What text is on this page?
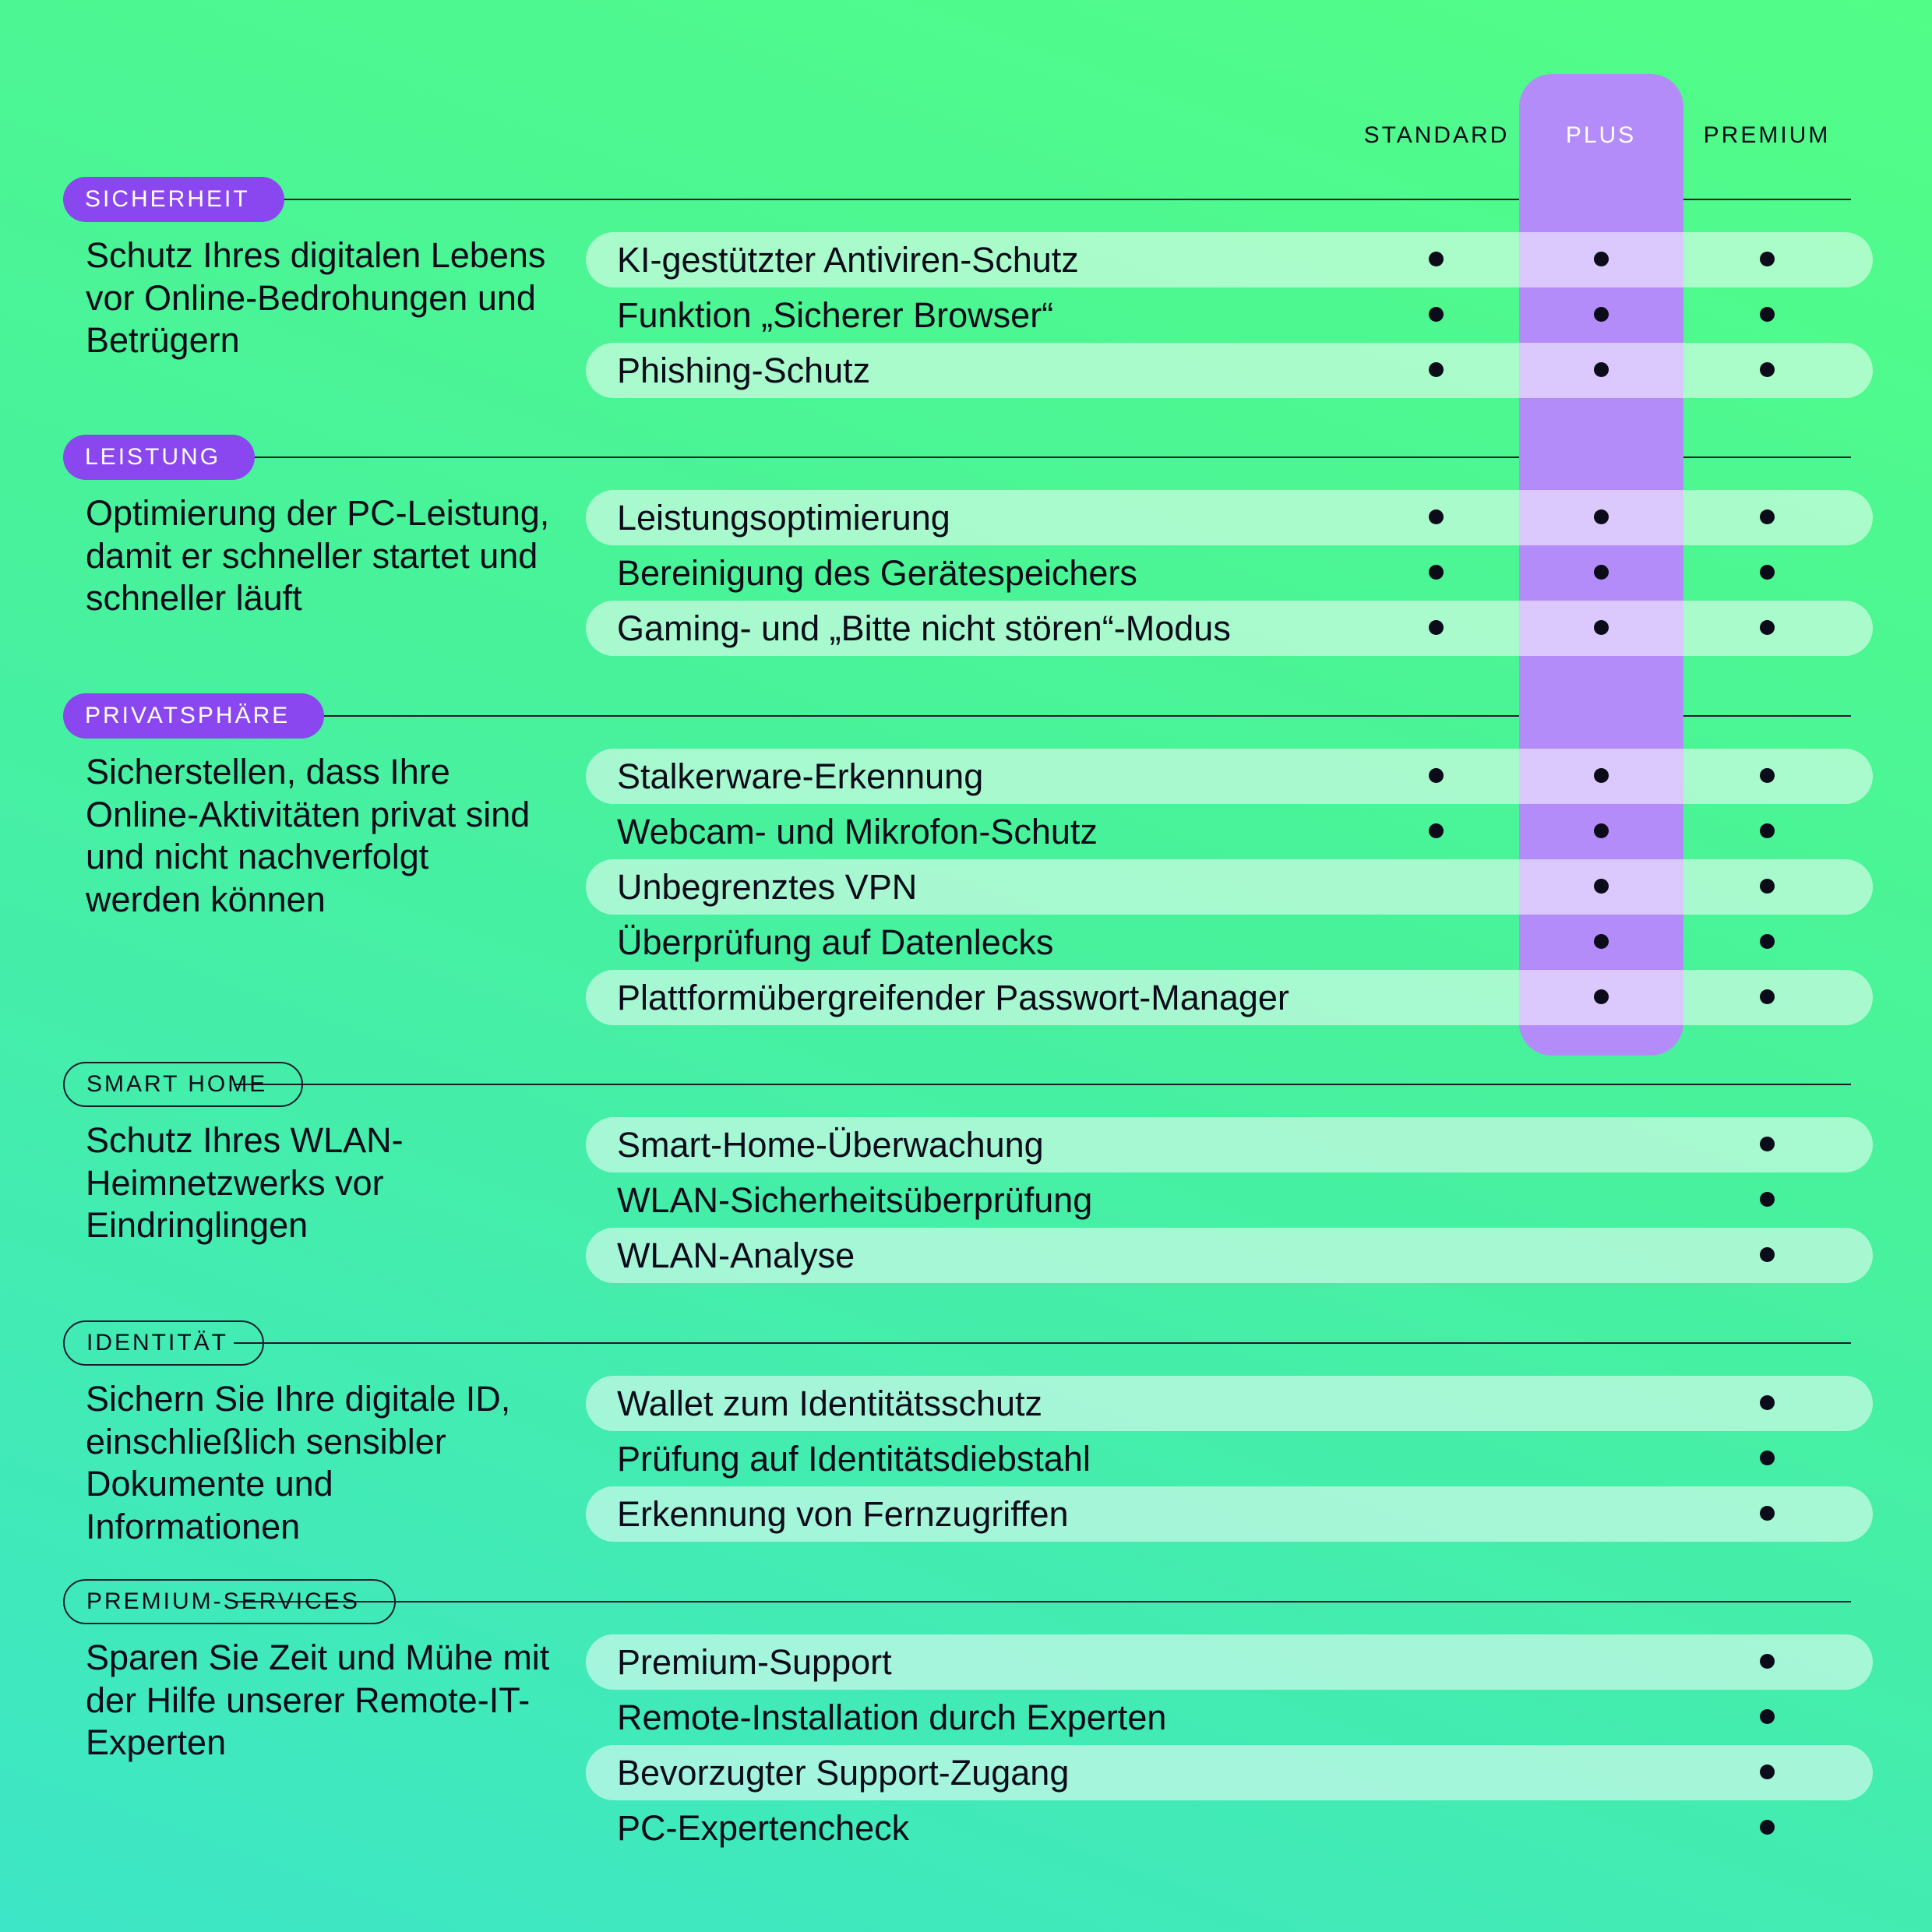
STANDARD	PLUS	PREMIUM
SICHERHEIT
Schutz Ihres digitalen Lebens vor Online-Bedrohungen und Betrügern
KI-gestützter Antiviren-Schutz
Funktion „Sicherer Browser“
Phishing-Schutz
LEISTUNG
Optimierung der PC-Leistung, damit er schneller startet und schneller läuft
Leistungsoptimierung
Bereinigung des Gerätespeichers
Gaming- und „Bitte nicht stören“-Modus
PRIVATSPHÄRE
Sicherstellen, dass Ihre Online-Aktivitäten privat sind und nicht nachverfolgt werden können
Stalkerware-Erkennung
Webcam- und Mikrofon-Schutz
Unbegrenztes VPN
Überprüfung auf Datenlecks
Plattformübergreifender Passwort-Manager
SMART HOME
Schutz Ihres WLAN-Heimnetzwerks vor Eindringlingen
Smart-Home-Überwachung
WLAN-Sicherheitsüberprüfung
WLAN-Analyse
IDENTITÄT
Sichern Sie Ihre digitale ID, einschließlich sensibler Dokumente und Informationen
Wallet zum Identitätsschutz
Prüfung auf Identitätsdiebstahl
Erkennung von Fernzugriffen
PREMIUM-SERVICES
Sparen Sie Zeit und Mühe mit der Hilfe unserer Remote-IT-Experten
Premium-Support
Remote-Installation durch Experten
Bevorzugter Support-Zugang
PC-Expertencheck
